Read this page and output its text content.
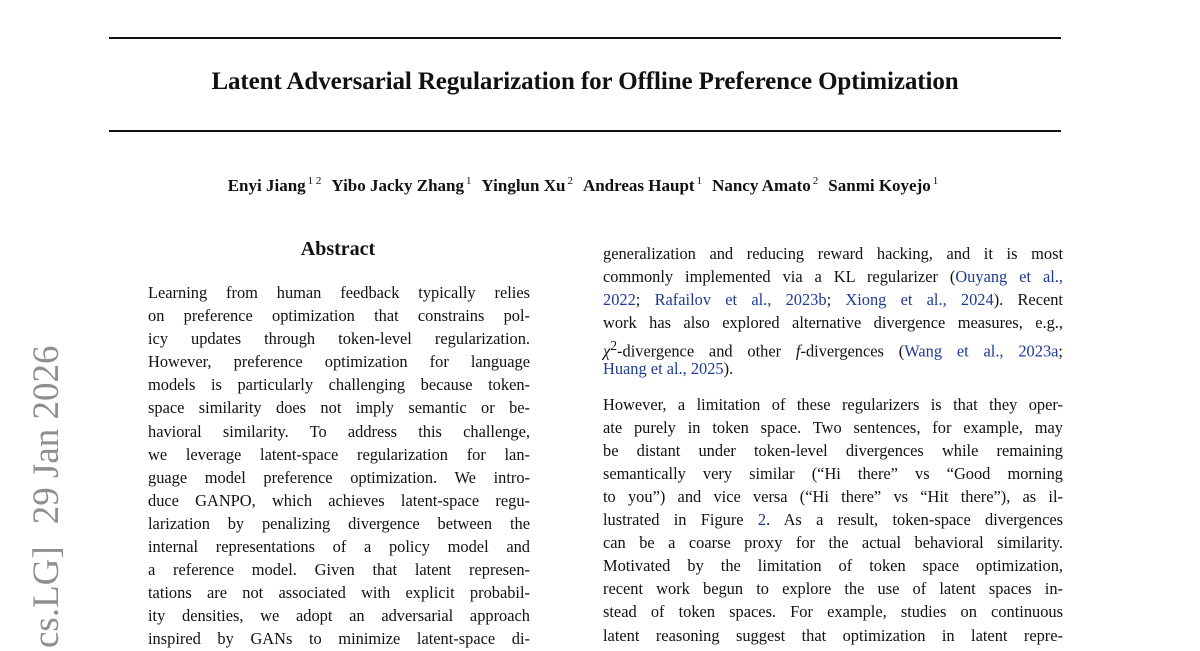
cs.LG]29 Jan 2026
Latent Adversarial Regularization for Offline Preference Optimization
Enyi Jiang $^{1 2}$ Yibo Jacky Zhang $^1$ Yinglun Xu $^2$ Andreas Haupt $^1$ Nancy Amato $^2$ Sanmi Koyejo $^1$
Abstract
Learning from human feedback typically relies
on preference optimization that constrains pol-
icy updates through token-level regularization.
However, preference optimization for language
models is particularly challenging because token-
space similarity does not imply semantic or be-
havioral similarity. To address this challenge,
we leverage latent-space regularization for lan-
guage model preference optimization. We intro-
duce GANPO, which achieves latent-space regu-
larization by penalizing divergence between the
internal representations of a policy model and
a reference model. Given that latent represen-
tations are not associated with explicit probabil-
ity densities, we adopt an adversarial approach
inspired by GANs to minimize latent-space di-
generalization and reducing reward hacking, and it is most
commonly implemented via a KL regularizer (Ouyang et al.,
2022; Rafailov et al., 2023b; Xiong et al., 2024). Recent
work has also explored alternative divergence measures, e.g.,
$\chi^2$-divergence and other f-divergences (Wang et al., 2023a;
Huang et al., 2025).
However, a limitation of these regularizers is that they oper-
ate purely in token space. Two sentences, for example, may
be distant under token-level divergences while remaining
semantically very similar (“Hi there” vs “Good morning
to you”) and vice versa (“Hi there” vs “Hit there”), as il-
lustrated in Figure 2. As a result, token-space divergences
can be a coarse proxy for the actual behavioral similarity.
Motivated by the limitation of token space optimization,
recent work begun to explore the use of latent spaces in-
stead of token spaces. For example, studies on continuous
latent reasoning suggest that optimization in latent repre-
